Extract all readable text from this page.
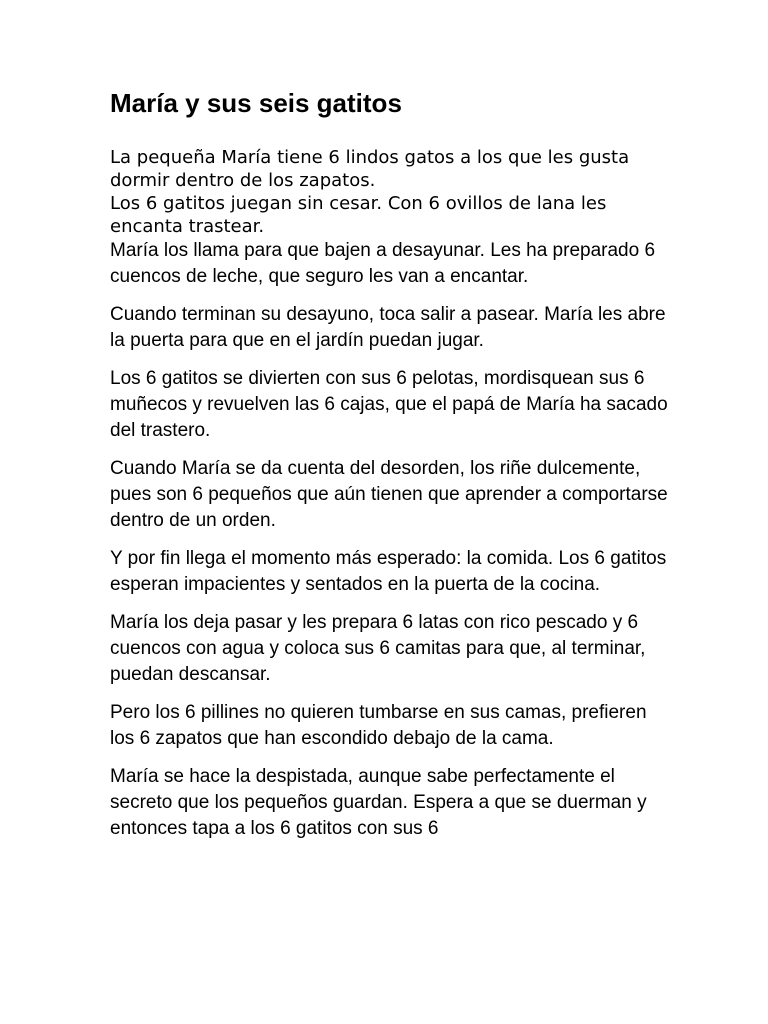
María y sus seis gatitos

La pequeña María tiene 6 lindos gatos a los que les gusta dormir dentro de los zapatos.

Los 6 gatitos juegan sin cesar. Con 6 ovillos de lana les encanta trastear.

María los llama para que bajen a desayunar. Les ha preparado 6 cuencos de leche, que seguro les van a encantar.

Cuando terminan su desayuno, toca salir a pasear. María les abre la puerta para que en el jardín puedan jugar.

Los 6 gatitos se divierten con sus 6 pelotas, mordisquean sus 6 muñecos y revuelven las 6 cajas, que el papá de María ha sacado del trastero.

Cuando María se da cuenta del desorden, los riñe dulcemente, pues son 6 pequeños que aún tienen que aprender a comportarse dentro de un orden.

Y por fin llega el momento más esperado: la comida. Los 6 gatitos esperan impacientes y sentados en la puerta de la cocina.

María los deja pasar y les prepara 6 latas con rico pescado y 6 cuencos con agua y coloca sus 6 camitas para que, al terminar, puedan descansar.

Pero los 6 pillines no quieren tumbarse en sus camas, prefieren los 6 zapatos que han escondido debajo de la cama.

María se hace la despistada, aunque sabe perfectamente el secreto que los pequeños guardan. Espera a que se duerman y entonces tapa a los 6 gatitos con sus 6
